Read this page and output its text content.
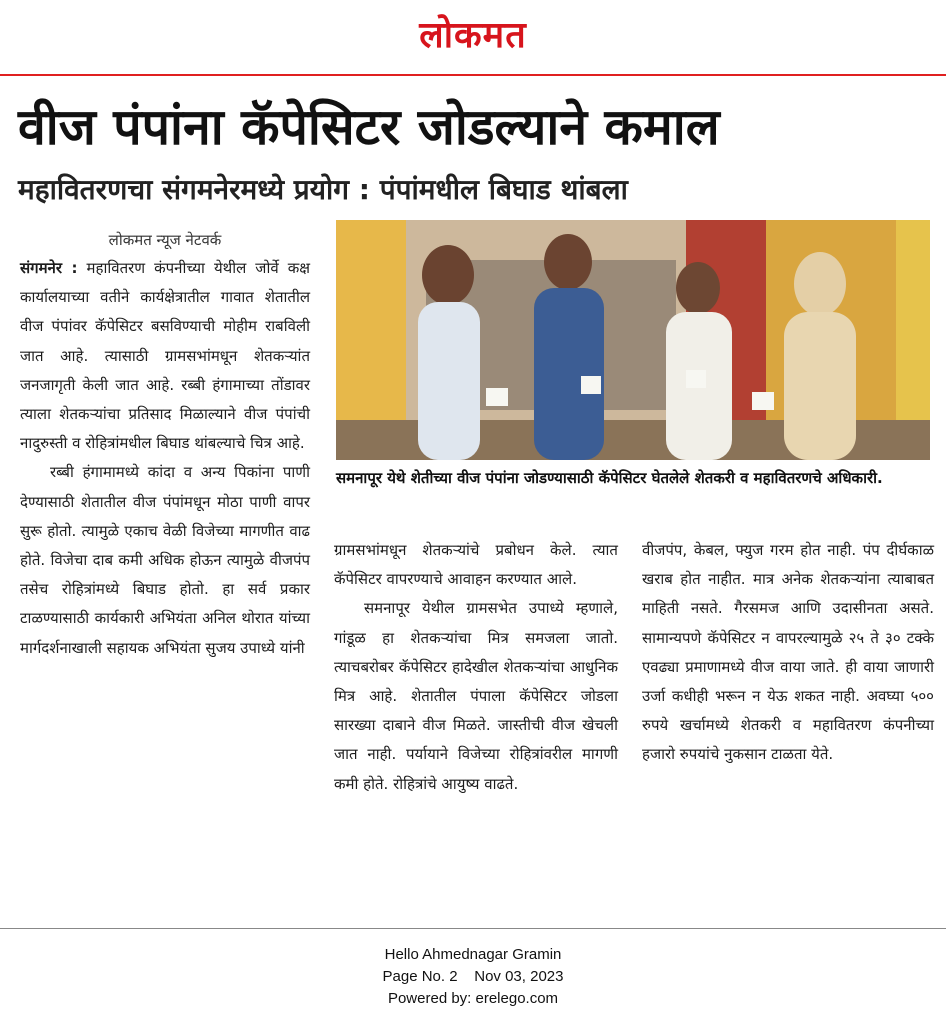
लोकमत
वीज पंपांना कॅपेसिटर जोडल्याने कमाल
महावितरणचा संगमनेरमध्ये प्रयोग : पंपांमधील बिघाड थांबला

लोकमत न्यूज नेटवर्क

संगमनेर : महावितरण कंपनीच्या येथील जोर्वे कक्ष कार्यालयाच्या वतीने कार्यक्षेत्रातील गावात शेतातील वीज पंपांवर कॅपेसिटर बसविण्याची मोहीम राबविली जात आहे. त्यासाठी ग्रामसभांमधून शेतकऱ्यांत जनजागृती केली जात आहे. रब्बी हंगामाच्या तोंडावर त्याला शेतकऱ्यांचा प्रतिसाद मिळाल्याने वीज पंपांची नादुरुस्ती व रोहित्रांमधील बिघाड थांबल्याचे चित्र आहे.

रब्बी हंगामामध्ये कांदा व अन्य पिकांना पाणी देण्यासाठी शेतातील वीज पंपांमधून मोठा पाणी वापर सुरू होतो. त्यामुळे एकाच वेळी विजेच्या मागणीत वाढ होते. विजेचा दाब कमी अधिक होऊन त्यामुळे वीजपंप तसेच रोहित्रांमध्ये बिघाड होतो. हा सर्व प्रकार टाळण्यासाठी कार्यकारी अभियंता अनिल थोरात यांच्या मार्गदर्शनाखाली सहायक अभियंता सुजय उपाध्ये यांनी

समनापूर येथे शेतीच्या वीज पंपांना जोडण्यासाठी कॅपेसिटर घेतलेले शेतकरी व महावितरणचे अधिकारी.

ग्रामसभांमधून शेतकऱ्यांचे प्रबोधन केले. त्यात कॅपेसिटर वापरण्याचे आवाहन करण्यात आले.

समनापूर येथील ग्रामसभेत उपाध्ये म्हणाले, गांडूळ हा शेतकऱ्यांचा मित्र समजला जातो. त्याचबरोबर कॅपेसिटर हादेखील शेतकऱ्यांचा आधुनिक मित्र आहे. शेतातील पंपाला कॅपेसिटर जोडला सारख्या दाबाने वीज मिळते. जास्तीची वीज खेचली जात नाही. पर्यायाने विजेच्या रोहित्रांवरील मागणी कमी होते. रोहित्रांचे आयुष्य वाढते.

वीजपंप, केबल, फ्युज गरम होत नाही. पंप दीर्घकाळ खराब होत नाहीत. मात्र अनेक शेतकऱ्यांना त्याबाबत माहिती नसते. गैरसमज आणि उदासीनता असते. सामान्यपणे कॅपेसिटर न वापरल्यामुळे २५ ते ३० टक्के एवढ्या प्रमाणामध्ये वीज वाया जाते. ही वाया जाणारी उर्जा कधीही भरून न येऊ शकत नाही. अवघ्या ५०० रुपये खर्चामध्ये शेतकरी व महावितरण कंपनीच्या हजारो रुपयांचे नुकसान टाळता येते.

Hello Ahmednagar Gramin
Page No. 2    Nov 03, 2023
Powered by: erelego.com
